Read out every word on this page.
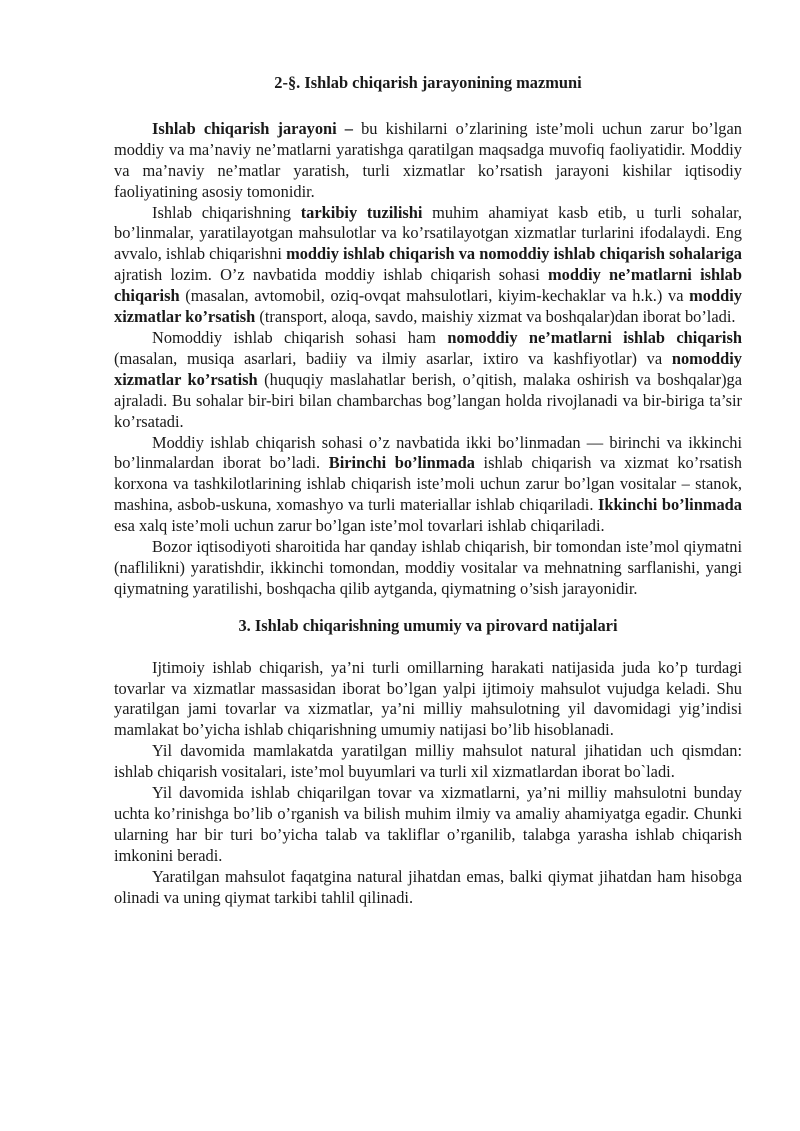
2-§. Ishlab chiqarish jarayonining mazmuni

Ishlab chiqarish jarayoni – bu kishilarni o’zlarining iste’moli uchun zarur bo’lgan moddiy va ma’naviy ne’matlarni yaratishga qaratilgan maqsadga muvofiq faoliyatidir. Moddiy va ma’naviy ne’matlar yaratish, turli xizmatlar ko’rsatish jarayoni kishilar iqtisodiy faoliyatining asosiy tomonidir.

Ishlab chiqarishning tarkibiy tuzilishi muhim ahamiyat kasb etib, u turli sohalar, bo’linmalar, yaratilayotgan mahsulotlar va ko’rsatilayotgan xizmatlar turlarini ifodalaydi. Eng avvalo, ishlab chiqarishni moddiy ishlab chiqarish va nomoddiy ishlab chiqarish sohalariga ajratish lozim. O’z navbatida moddiy ishlab chiqarish sohasi moddiy ne’matlarni ishlab chiqarish (masalan, avtomobil, oziq-ovqat mahsulotlari, kiyim-kechaklar va h.k.) va moddiy xizmatlar ko’rsatish (transport, aloqa, savdo, maishiy xizmat va boshqalar)dan iborat bo’ladi.

Nomoddiy ishlab chiqarish sohasi ham nomoddiy ne’matlarni ishlab chiqarish (masalan, musiqa asarlari, badiiy va ilmiy asarlar, ixtiro va kashfiyotlar) va nomoddiy xizmatlar ko’rsatish (huquqiy maslahatlar berish, o’qitish, malaka oshirish va boshqalar)ga ajraladi. Bu sohalar bir-biri bilan chambarchas bog’langan holda rivojlanadi va bir-biriga ta’sir ko’rsatadi.

Moddiy ishlab chiqarish sohasi o’z navbatida ikki bo’linmadan — birinchi va ikkinchi bo’linmalardan iborat bo’ladi. Birinchi bo’linmada ishlab chiqarish va xizmat ko’rsatish korxona va tashkilotlarining ishlab chiqarish iste’moli uchun zarur bo’lgan vositalar – stanok, mashina, asbob-uskuna, xomashyo va turli materiallar ishlab chiqariladi. Ikkinchi bo’linmada esa xalq iste’moli uchun zarur bo’lgan iste’mol tovarlari ishlab chiqariladi.

Bozor iqtisodiyoti sharoitida har qanday ishlab chiqarish, bir tomondan iste’mol qiymatni (naflilikni) yaratishdir, ikkinchi tomondan, moddiy vositalar va mehnatning sarflanishi, yangi qiymatning yaratilishi, boshqacha qilib aytganda, qiymatning o’sish jarayonidir.

3. Ishlab chiqarishning umumiy va pirovard natijalari

Ijtimoiy ishlab chiqarish, ya’ni turli omillarning harakati natijasida juda ko’p turdagi tovarlar va xizmatlar massasidan iborat bo’lgan yalpi ijtimoiy mahsulot vujudga keladi. Shu yaratilgan jami tovarlar va xizmatlar, ya’ni milliy mahsulotning yil davomidagi yig’indisi mamlakat bo’yicha ishlab chiqarishning umumiy natijasi bo’lib hisoblanadi.

Yil davomida mamlakatda yaratilgan milliy mahsulot natural jihatidan uch qismdan: ishlab chiqarish vositalari, iste’mol buyumlari va turli xil xizmatlardan iborat bo`ladi.

Yil davomida ishlab chiqarilgan tovar va xizmatlarni, ya’ni milliy mahsulotni bunday uchta ko’rinishga bo’lib o’rganish va bilish muhim ilmiy va amaliy ahamiyatga egadir. Chunki ularning har bir turi bo’yicha talab va takliflar o’rganilib, talabga yarasha ishlab chiqarish imkonini beradi.

Yaratilgan mahsulot faqatgina natural jihatdan emas, balki qiymat jihatdan ham hisobga olinadi va uning qiymat tarkibi tahlil qilinadi.
